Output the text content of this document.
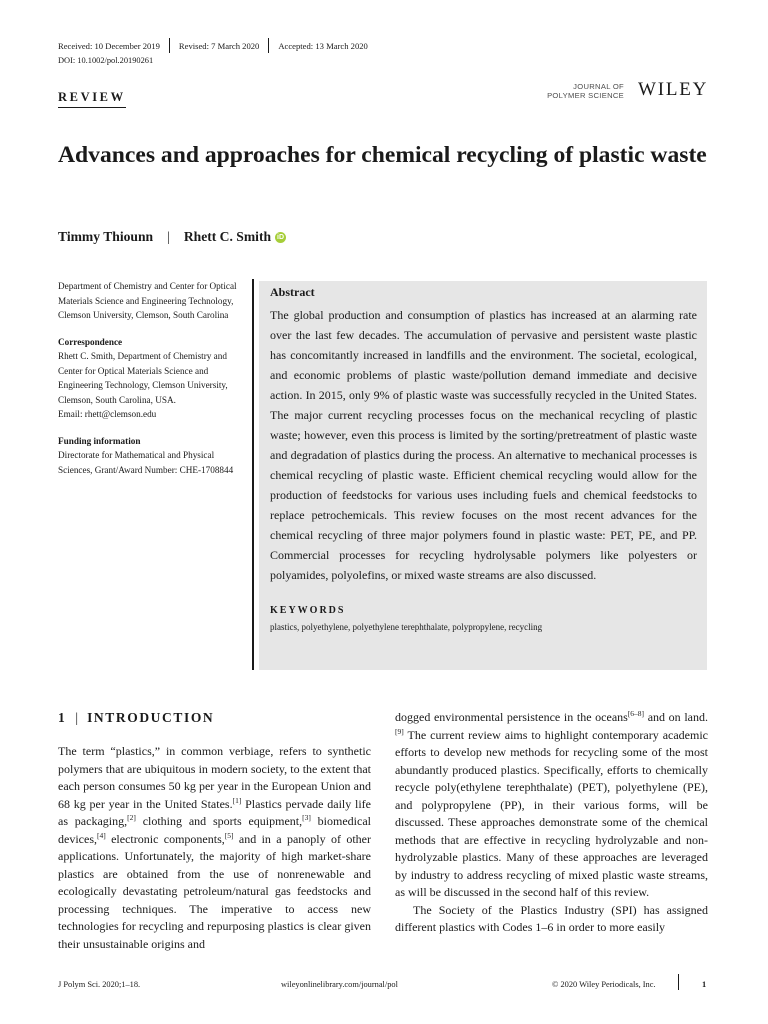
Received: 10 December 2019 Revised: 7 March 2020 Accepted: 13 March 2020
DOI: 10.1002/pol.20190261
REVIEW
JOURNAL OF
POLYMER SCIENCE WILEY
Advances and approaches for chemical recycling of plastic waste
Timmy Thiounn | Rhett C. Smith iD

Department of Chemistry and Center for Optical Materials Science and Engineering Technology, Clemson University, Clemson, South Carolina

Correspondence
Rhett C. Smith, Department of Chemistry and Center for Optical Materials Science and Engineering Technology, Clemson University, Clemson, South Carolina, USA.
Email: rhett@clemson.edu

Funding information
Directorate for Mathematical and Physical Sciences, Grant/Award Number: CHE-1708844

Abstract

The global production and consumption of plastics has increased at an alarming rate over the last few decades. The accumulation of pervasive and persistent waste plastic has concomitantly increased in landfills and the environment. The societal, ecological, and economic problems of plastic waste/pollution demand immediate and decisive action. In 2015, only 9% of plastic waste was successfully recycled in the United States. The major current recycling processes focus on the mechanical recycling of plastic waste; however, even this process is limited by the sorting/pretreatment of plastic waste and degradation of plastics during the process. An alternative to mechanical processes is chemical recycling of plastic waste. Efficient chemical recycling would allow for the production of feedstocks for various uses including fuels and chemical feedstocks to replace petrochemicals. This review focuses on the most recent advances for the chemical recycling of three major polymers found in plastic waste: PET, PE, and PP. Commercial processes for recycling hydrolysable polymers like polyesters or polyamides, polyolefins, or mixed waste streams are also discussed.

KEYWORDS

plastics, polyethylene, polyethylene terephthalate, polypropylene, recycling

1 | INTRODUCTION

The term “plastics,” in common verbiage, refers to synthetic polymers that are ubiquitous in modern society, to the extent that each person consumes 50 kg per year in the European Union and 68 kg per year in the United States.[1] Plastics pervade daily life as packaging,[2] clothing and sports equipment,[3] biomedical devices,[4] electronic components,[5] and in a panoply of other applications. Unfortunately, the majority of high market-share plastics are obtained from the use of nonrenewable and ecologically devastating petroleum/natural gas feedstocks and processing techniques. The imperative to access new technologies for recycling and repurposing plastics is clear given their unsustainable origins and

dogged environmental persistence in the oceans[6–8] and on land.[9] The current review aims to highlight contemporary academic efforts to develop new methods for recycling some of the most abundantly produced plastics. Specifically, efforts to chemically recycle poly(ethylene terephthalate) (PET), polyethylene (PE), and polypropylene (PP), in their various forms, will be discussed. These approaches demonstrate some of the chemical methods that are effective in recycling hydrolyzable and non-hydrolyzable plastics. Many of these approaches are leveraged by industry to address recycling of mixed plastic waste streams, as will be discussed in the second half of this review.

The Society of the Plastics Industry (SPI) has assigned different plastics with Codes 1–6 in order to more easily

J Polym Sci. 2020;1–18.	wileyonlinelibrary.com/journal/pol	© 2020 Wiley Periodicals, Inc.	1
